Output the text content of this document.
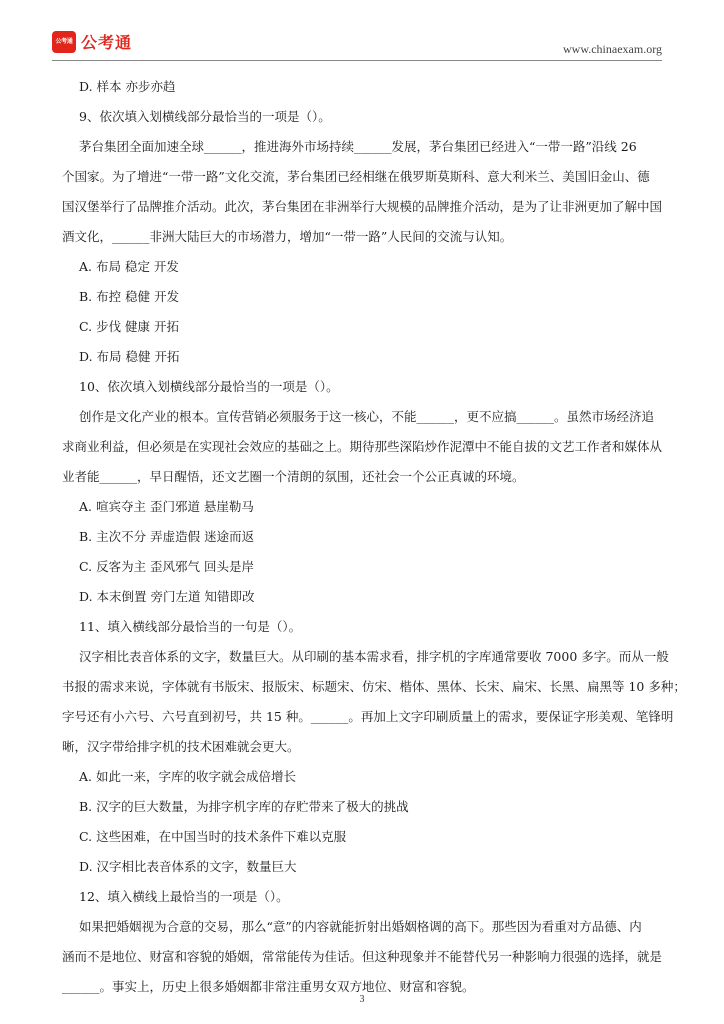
公考通 公考通	www.chinaexam.org

D. 样本 亦步亦趋

9、依次填入划横线部分最恰当的一项是（）。

茅台集团全面加速全球______，推进海外市场持续______发展，茅台集团已经进入“一带一路”沿线 26

个国家。为了增进“一带一路”文化交流，茅台集团已经相继在俄罗斯莫斯科、意大利米兰、美国旧金山、德

国汉堡举行了品牌推介活动。此次，茅台集团在非洲举行大规模的品牌推介活动，是为了让非洲更加了解中国

酒文化，______非洲大陆巨大的市场潜力，增加“一带一路”人民间的交流与认知。

A. 布局 稳定 开发

B. 布控 稳健 开发

C. 步伐 健康 开拓

D. 布局 稳健 开拓

10、依次填入划横线部分最恰当的一项是（）。

创作是文化产业的根本。宣传营销必须服务于这一核心，不能______，更不应搞______。虽然市场经济追

求商业利益，但必须是在实现社会效应的基础之上。期待那些深陷炒作泥潭中不能自拔的文艺工作者和媒体从

业者能______，早日醒悟，还文艺圈一个清朗的氛围，还社会一个公正真诚的环境。

A. 喧宾夺主 歪门邪道 悬崖勒马

B. 主次不分 弄虚造假 迷途而返

C. 反客为主 歪风邪气 回头是岸

D. 本末倒置 旁门左道 知错即改

11、填入横线部分最恰当的一句是（）。

汉字相比表音体系的文字，数量巨大。从印刷的基本需求看，排字机的字库通常要收 7000 多字。而从一般

书报的需求来说，字体就有书版宋、报版宋、标题宋、仿宋、楷体、黑体、长宋、扁宋、长黑、扁黑等 10 多种；

字号还有小六号、六号直到初号，共 15 种。______。再加上文字印刷质量上的需求，要保证字形美观、笔锋明

晰，汉字带给排字机的技术困难就会更大。

A. 如此一来，字库的收字就会成倍增长

B. 汉字的巨大数量，为排字机字库的存贮带来了极大的挑战

C. 这些困难，在中国当时的技术条件下难以克服

D. 汉字相比表音体系的文字，数量巨大

12、填入横线上最恰当的一项是（）。

如果把婚姻视为合意的交易，那么“意”的内容就能折射出婚姻格调的高下。那些因为看重对方品德、内

涵而不是地位、财富和容貌的婚姻，常常能传为佳话。但这种现象并不能替代另一种影响力很强的选择，就是

______。事实上，历史上很多婚姻都非常注重男女双方地位、财富和容貌。

3
